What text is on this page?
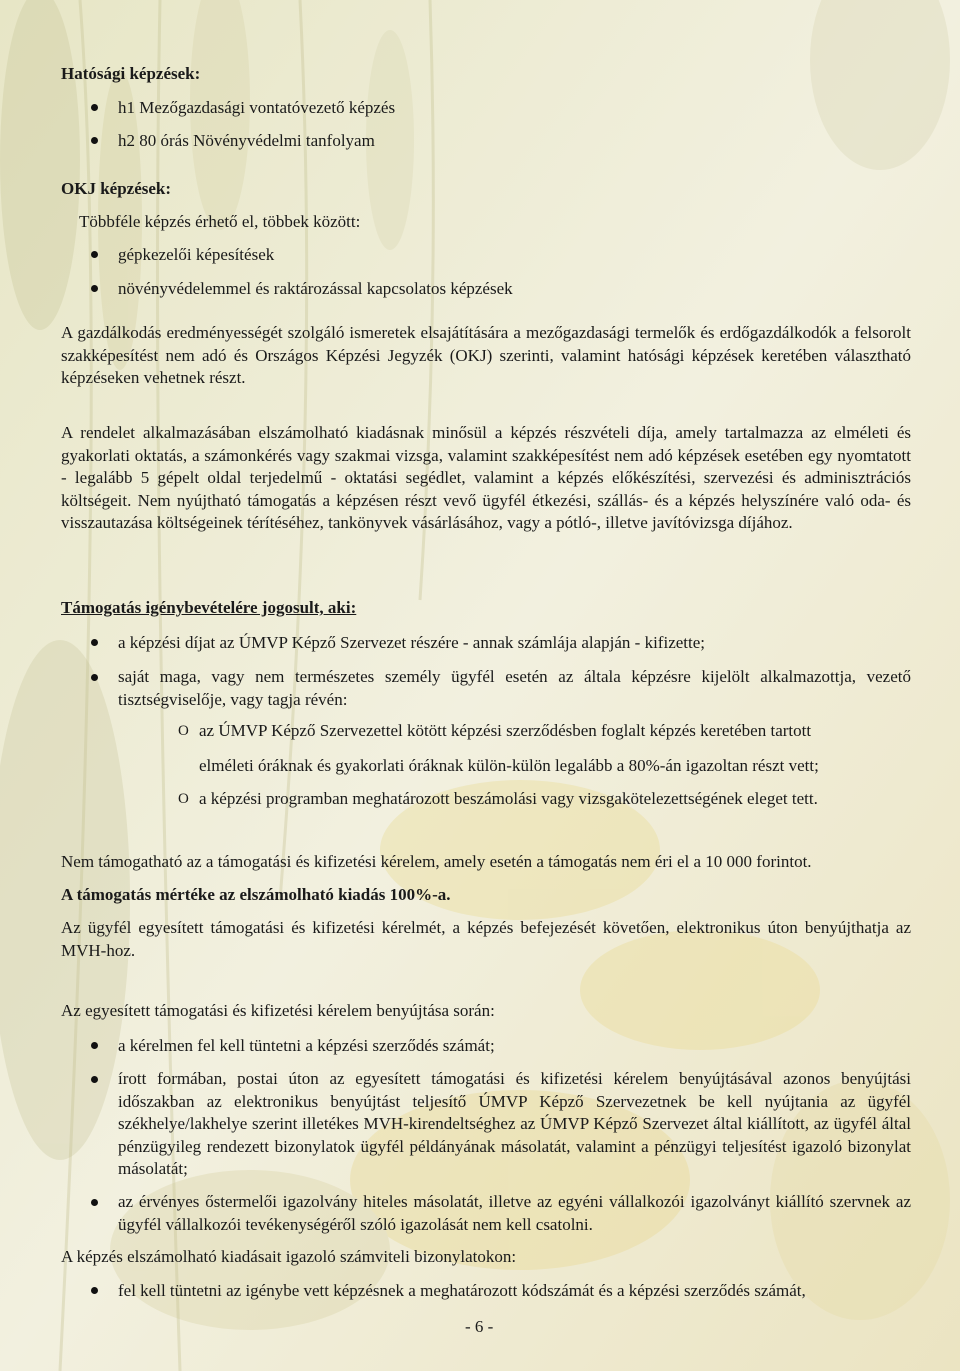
Hatósági képzések:
h1 Mezőgazdasági vontatóvezető képzés
h2 80 órás Növényvédelmi tanfolyam
OKJ képzések:
Többféle képzés érhető el, többek között:
gépkezelői képesítések
növényvédelemmel és raktározással kapcsolatos képzések
A gazdálkodás eredményességét szolgáló ismeretek elsajátítására a mezőgazdasági termelők és erdőgazdálkodók a felsorolt szakképesítést nem adó és Országos Képzési Jegyzék (OKJ) szerinti, valamint hatósági képzések keretében választható képzéseken vehetnek részt.
A rendelet alkalmazásában elszámolható kiadásnak minősül a képzés részvételi díja, amely tartalmazza az elméleti és gyakorlati oktatás, a számonkérés vagy szakmai vizsga, valamint szakképesítést nem adó képzések esetében egy nyomtatott - legalább 5 gépelt oldal terjedelmű - oktatási segédlet, valamint a képzés előkészítési, szervezési és adminisztrációs költségeit. Nem nyújtható támogatás a képzésen részt vevő ügyfél étkezési, szállás- és a képzés helyszínére való oda- és visszautazása költségeinek térítéséhez, tankönyvek vásárlásához, vagy a pótló-, illetve javítóvizsga díjához.
Támogatás igénybevételére jogosult, aki:
a képzési díjat az ÚMVP Képző Szervezet részére - annak számlája alapján - kifizette;
saját maga, vagy nem természetes személy ügyfél esetén az általa képzésre kijelölt alkalmazottja, vezető tisztségviselője, vagy tagja révén:
O az ÚMVP Képző Szervezettel kötött képzési szerződésben foglalt képzés keretében tartott
elméleti óráknak és gyakorlati óráknak külön-külön legalább a 80%-án igazoltan részt vett;
O a képzési programban meghatározott beszámolási vagy vizsgakötelezettségének eleget tett.
Nem támogatható az a támogatási és kifizetési kérelem, amely esetén a támogatás nem éri el a 10 000 forintot.
A támogatás mértéke az elszámolható kiadás 100%-a.
Az ügyfél egyesített támogatási és kifizetési kérelmét, a képzés befejezését követően, elektronikus úton benyújthatja az MVH-hoz.
Az egyesített támogatási és kifizetési kérelem benyújtása során:
a kérelmen fel kell tüntetni a képzési szerződés számát;
írott formában, postai úton az egyesített támogatási és kifizetési kérelem benyújtásával azonos benyújtási időszakban az elektronikus benyújtást teljesítő ÚMVP Képző Szervezetnek be kell nyújtania az ügyfél székhelye/lakhelye szerint illetékes MVH-kirendeltséghez az ÚMVP Képző Szervezet által kiállított, az ügyfél által pénzügyileg rendezett bizonylatok ügyfél példányának másolatát, valamint a pénzügyi teljesítést igazoló bizonylat másolatát;
az érvényes őstermelői igazolvány hiteles másolatát, illetve az egyéni vállalkozói igazolványt kiállító szervnek az ügyfél vállalkozói tevékenységéről szóló igazolását nem kell csatolni.
A képzés elszámolható kiadásait igazoló számviteli bizonylatokon:
fel kell tüntetni az igénybe vett képzésnek a meghatározott kódszámát és a képzési szerződés számát,
- 6 -
